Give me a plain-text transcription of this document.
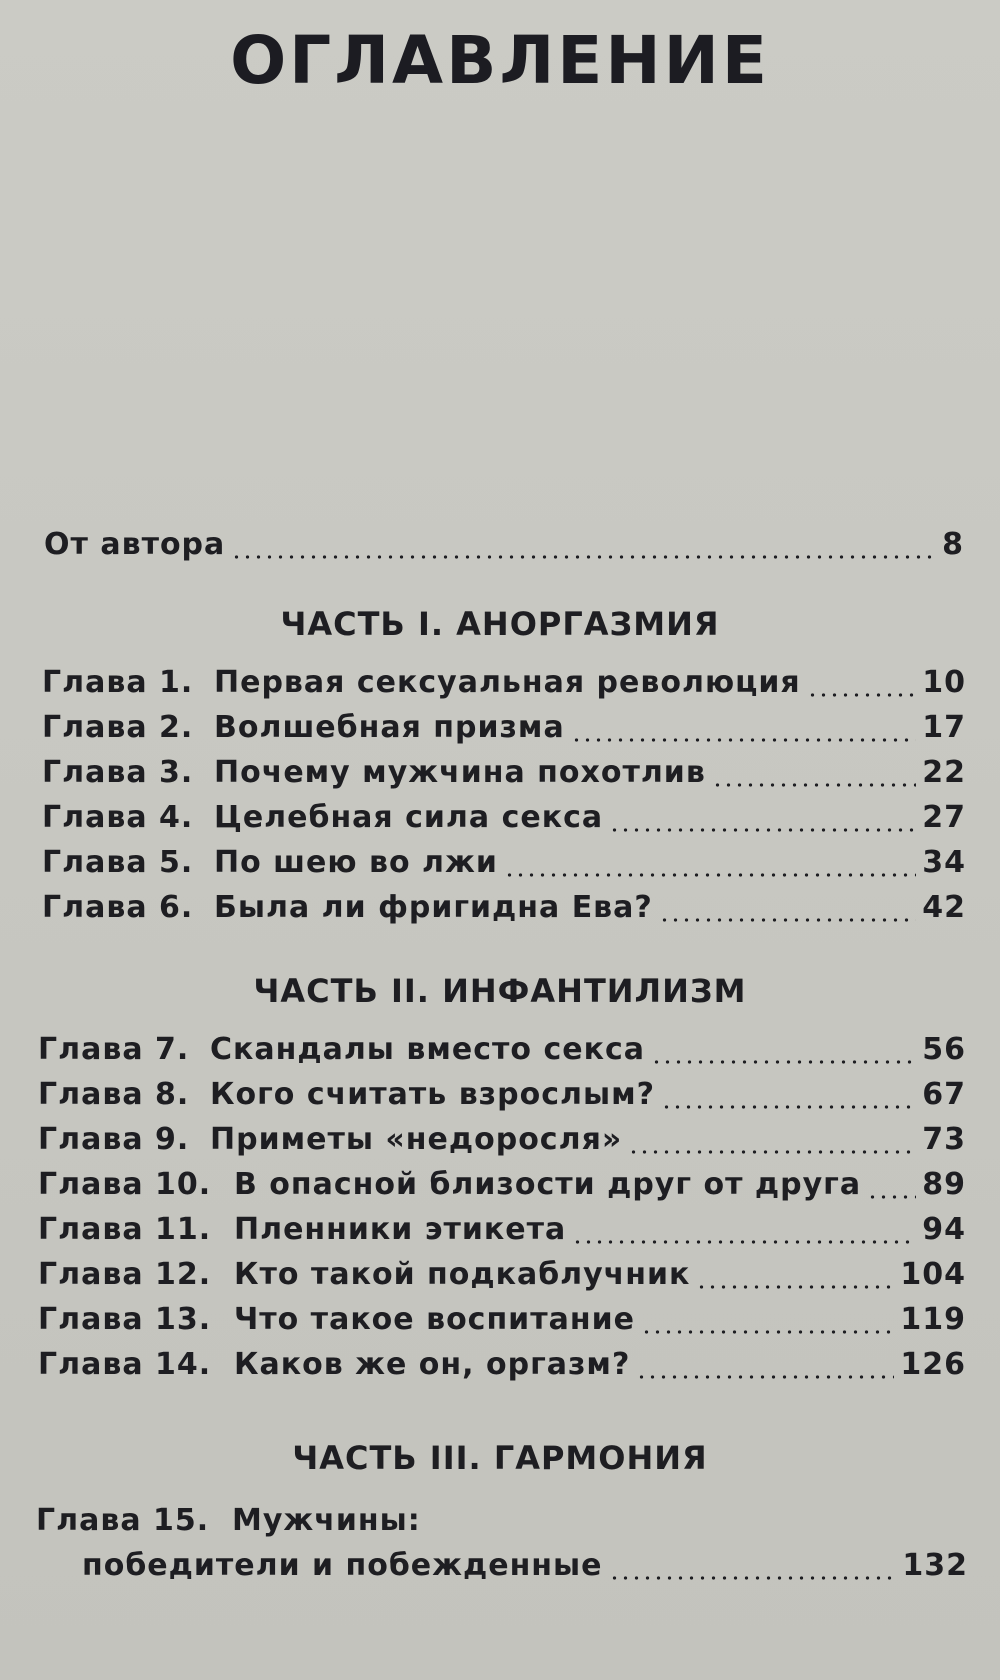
ОГЛАВЛЕНИЕ
От автора	8
ЧАСТЬ I. АНОРГАЗМИЯ
Глава 1. Первая сексуальная революция	10
Глава 2. Волшебная призма	17
Глава 3. Почему мужчина похотлив	22
Глава 4. Целебная сила секса	27
Глава 5. По шею во лжи	34
Глава 6. Была ли фригидна Ева?	42
ЧАСТЬ II. ИНФАНТИЛИЗМ
Глава 7. Скандалы вместо секса	56
Глава 8. Кого считать взрослым?	67
Глава 9. Приметы «недоросля»	73
Глава 10. В опасной близости друг от друга 89
Глава 11. Пленники этикета	94
Глава 12. Кто такой подкаблучник	104
Глава 13. Что такое воспитание	119
Глава 14. Каков же он, оргазм?	126
ЧАСТЬ III. ГАРМОНИЯ
Глава 15. Мужчины:
победители и побежденные	132
